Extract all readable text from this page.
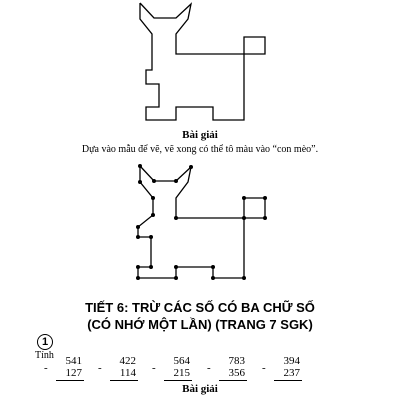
Bài giải
Dựa vào mẫu để vẽ, vẽ xong có thể tô màu vào “con mèo”.
TIẾT 6: TRỪ CÁC SỐ CÓ BA CHỮ SỐ
(CÓ NHỚ MỘT LẦN) (TRANG 7 SGK)
1
Tính 541
- 127
422
- 114
564
- 215
783
- 356
394
- 237
Bài giải
